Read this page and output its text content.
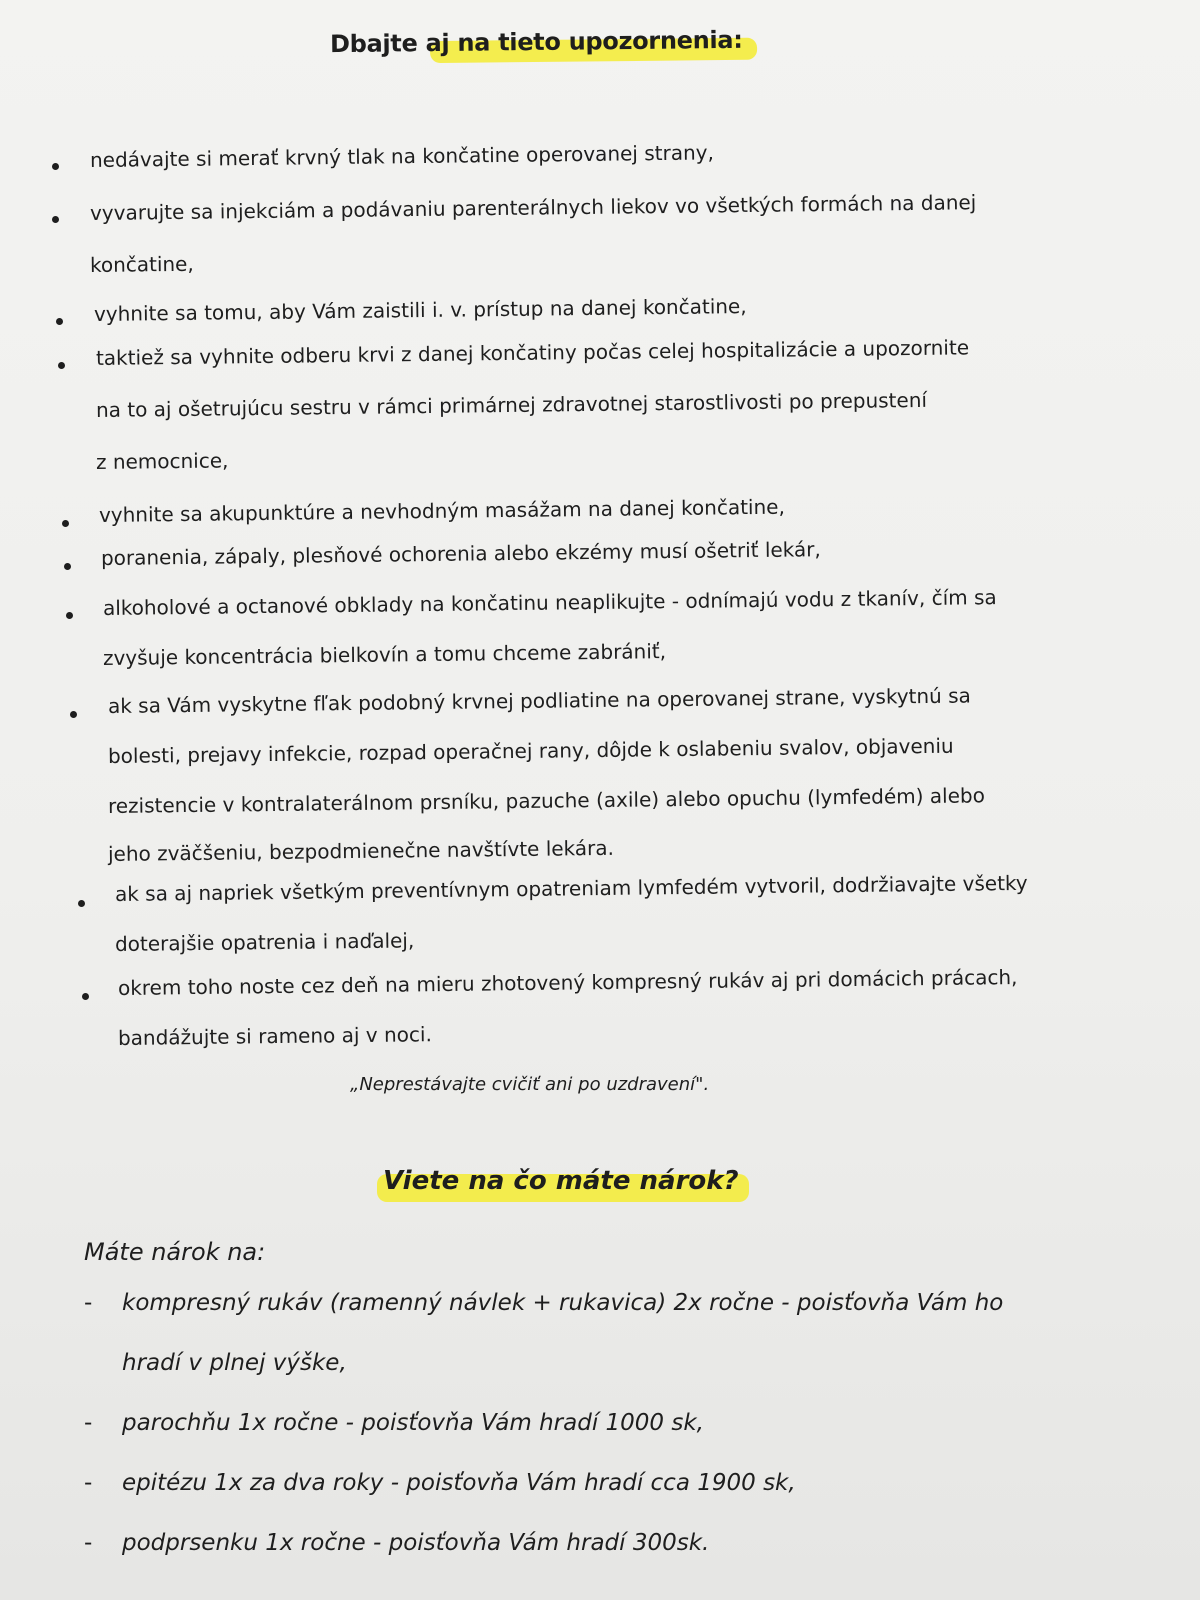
Dbajte aj na tieto upozornenia:
nedávajte si merať krvný tlak na končatine operovanej strany,
vyvarujte sa injekciám a podávaniu parenterálnych liekov vo všetkých formách na danej
končatine,
vyhnite sa tomu, aby Vám zaistili i. v. prístup na danej končatine,
taktiež sa vyhnite odberu krvi z danej končatiny počas celej hospitalizácie a upozornite
na to aj ošetrujúcu sestru v rámci primárnej zdravotnej starostlivosti po prepustení
z nemocnice,
vyhnite sa akupunktúre a nevhodným masážam na danej končatine,
poranenia, zápaly, plesňové ochorenia alebo ekzémy musí ošetriť lekár,
alkoholové a octanové obklady na končatinu neaplikujte - odnímajú vodu z tkanív, čím sa
zvyšuje koncentrácia bielkovín a tomu chceme zabrániť,
ak sa Vám vyskytne fľak podobný krvnej podliatine na operovanej strane, vyskytnú sa
bolesti, prejavy infekcie, rozpad operačnej rany, dôjde k oslabeniu svalov, objaveniu
rezistencie v kontralaterálnom prsníku, pazuche (axile) alebo opuchu (lymfedém) alebo
jeho zväčšeniu, bezpodmienečne navštívte lekára.
ak sa aj napriek všetkým preventívnym opatreniam lymfedém vytvoril, dodržiavajte všetky
doterajšie opatrenia i naďalej,
okrem toho noste cez deň na mieru zhotovený kompresný rukáv aj pri domácich prácach,
bandážujte si rameno aj v noci.
„Neprestávajte cvičiť ani po uzdravení".
Viete na čo máte nárok?
Máte nárok na:
- kompresný rukáv (ramenný návlek + rukavica) 2x ročne - poisťovňa Vám ho
hradí v plnej výške,
- parochňu 1x ročne - poisťovňa Vám hradí 1000 sk,
- epitézu 1x za dva roky - poisťovňa Vám hradí cca 1900 sk,
- podprsenku 1x ročne - poisťovňa Vám hradí 300sk.
